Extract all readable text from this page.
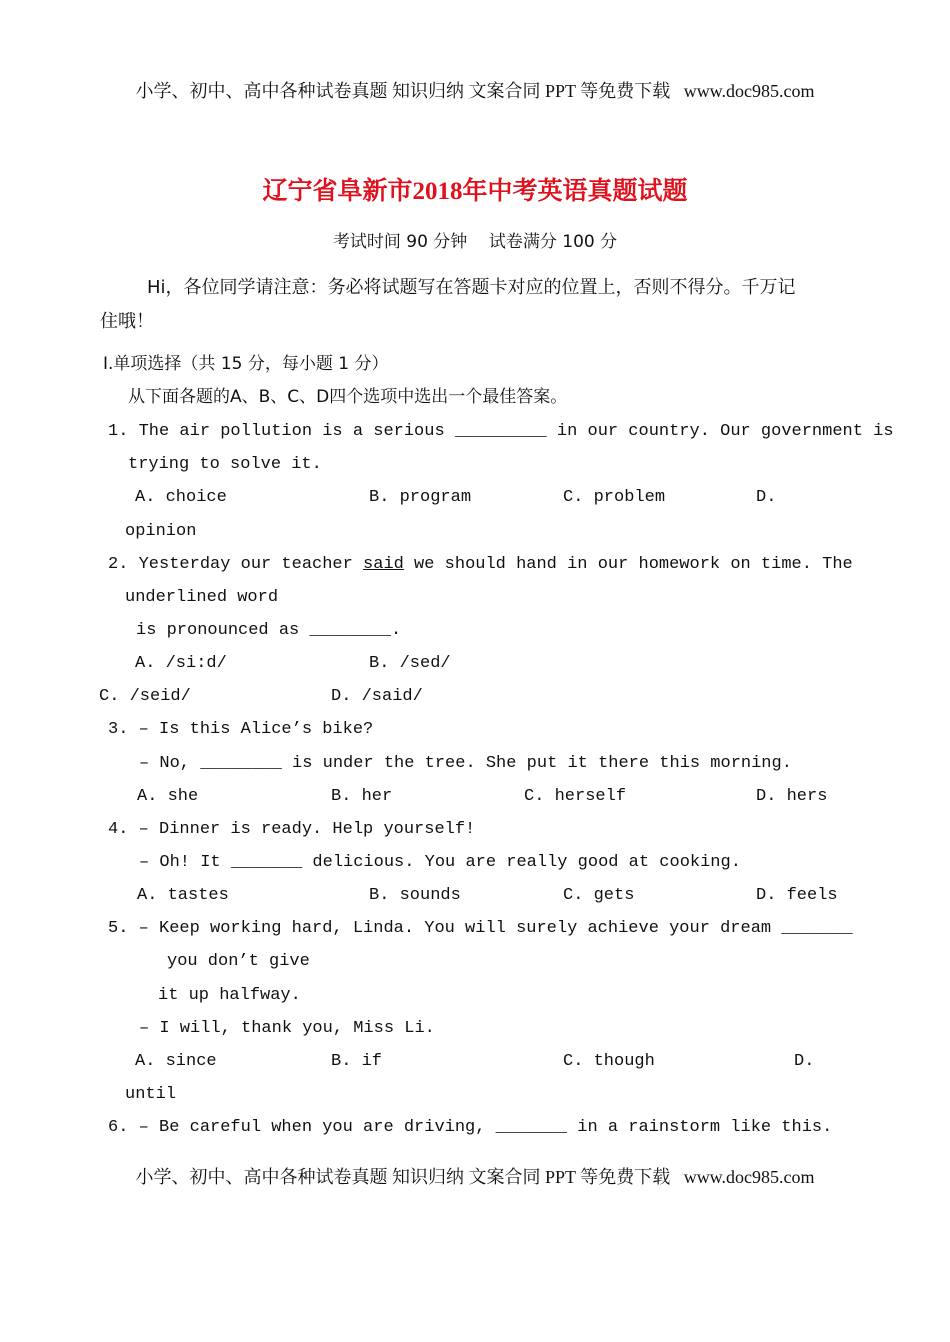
小学、初中、高中各种试卷真题 知识归纳 文案合同 PPT 等免费下载   www.doc985.com
辽宁省阜新市2018年中考英语真题试题
考试时间 90 分钟    试卷满分 100 分
Hi，各位同学请注意：务必将试题写在答题卡对应的位置上，否则不得分。千万记
住哦！
Ⅰ.单项选择（共 15 分，每小题 1 分）
从下面各题的A、B、C、D四个选项中选出一个最佳答案。
1. The air pollution is a serious _________ in our country. Our government is
trying to solve it.
A. choice	B. program	C. problem	D.
opinion
2. Yesterday our teacher said we should hand in our homework on time. The
underlined word
is pronounced as ________.
A. /si:d/	B. /sed/
C. /seid/	D. /said/
3. – Is this Alice’s bike?
– No, ________ is under the tree. She put it there this morning.
A. she	B. her	C. herself	D. hers
4. – Dinner is ready. Help yourself!
– Oh! It _______ delicious. You are really good at cooking.
A. tastes	B. sounds	C. gets	D. feels
5. – Keep working hard, Linda. You will surely achieve your dream _______
you don’t give
it up halfway.
– I will, thank you, Miss Li.
A. since	B. if	C. though	D.
until
6. – Be careful when you are driving, _______ in a rainstorm like this.
小学、初中、高中各种试卷真题 知识归纳 文案合同 PPT 等免费下载   www.doc985.com
